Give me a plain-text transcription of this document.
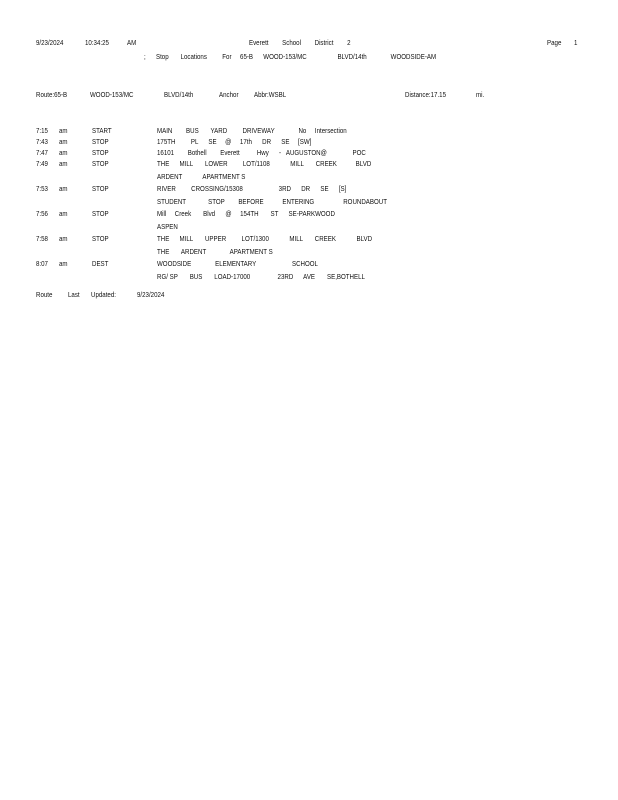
9/23/2024	10:34:25 AM	Everett        School        District        2	Page 1
;      Stop       Locations         For     65-B      WOOD-153/MC                  BLVD/14th              WOODSIDE-AM
Route:65-B	WOOD-153/MC	BLVD/14th	Anchor Abbr:WSBL	Distance:17.15	mi.
7:15 am	START	MAIN        BUS       YARD         DRIVEWAY              No     Intersection
7:43 am	STOP	175TH         PL      SE     @     17th      DR      SE     [SW]
7:47 am	STOP	16101        Bothell        Everett          Hwy      -   AUGUSTON@               POC
7:49 am	STOP	THE      MILL       LOWER         LOT/1108            MILL       CREEK           BLVD
ARDENT            APARTMENT S
7:53 am	STOP	RIVER         CROSSING/15308                     3RD      DR      SE      [S]
STUDENT             STOP        BEFORE           ENTERING                 ROUNDABOUT
7:56 am	STOP	Mill     Creek       Blvd      @     154TH       ST      SE-PARKWOOD
ASPEN
7:58 am	STOP	THE      MILL       UPPER         LOT/1300            MILL       CREEK            BLVD
THE       ARDENT              APARTMENT S
8:07 am	DEST	WOODSIDE              ELEMENTARY                     SCHOOL
RG/ SP       BUS       LOAD-17000                23RD      AVE       SE,BOTHELL
Route Last Updated:	9/23/2024
